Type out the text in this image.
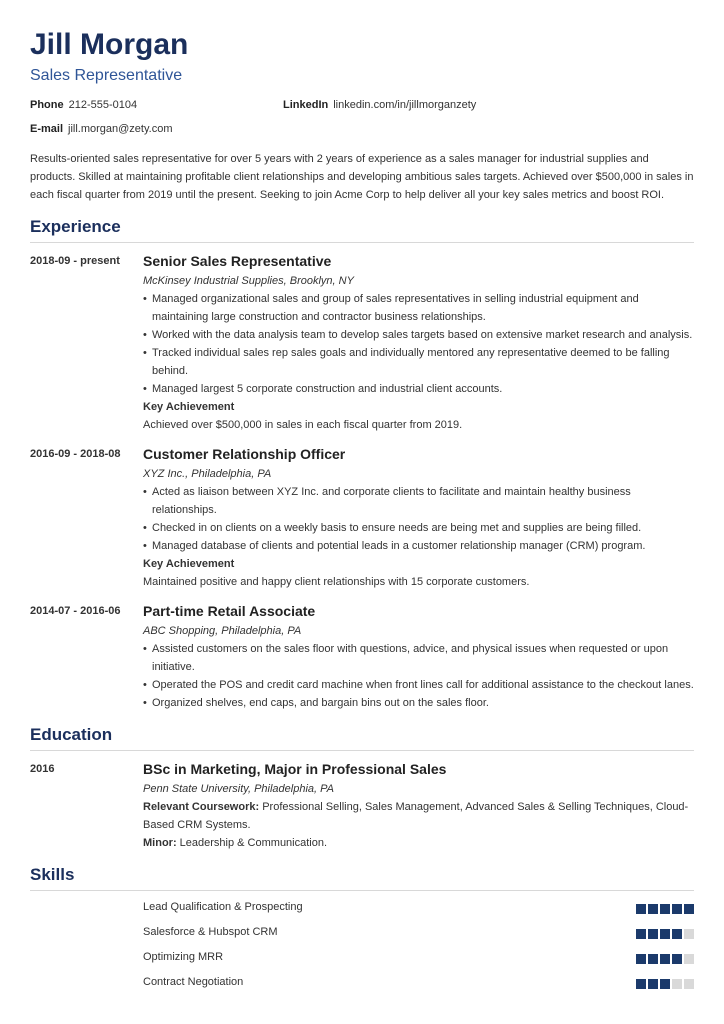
Jill Morgan
Sales Representative
Phone 212-555-0104	LinkedIn linkedin.com/in/jillmorganzety
E-mail jill.morgan@zety.com
Results-oriented sales representative for over 5 years with 2 years of experience as a sales manager for industrial supplies and products. Skilled at maintaining profitable client relationships and developing ambitious sales targets. Achieved over $500,000 in sales in each fiscal quarter from 2019 until the present. Seeking to join Acme Corp to help deliver all your key sales metrics and boost ROI.
Experience
2018-09 - present	Senior Sales Representative
McKinsey Industrial Supplies, Brooklyn, NY
• Managed organizational sales and group of sales representatives in selling industrial equipment and maintaining large construction and contractor business relationships.
• Worked with the data analysis team to develop sales targets based on extensive market research and analysis.
• Tracked individual sales rep sales goals and individually mentored any representative deemed to be falling behind.
• Managed largest 5 corporate construction and industrial client accounts.
Key Achievement
Achieved over $500,000 in sales in each fiscal quarter from 2019.
2016-09 - 2018-08	Customer Relationship Officer
XYZ Inc., Philadelphia, PA
• Acted as liaison between XYZ Inc. and corporate clients to facilitate and maintain healthy business relationships.
• Checked in on clients on a weekly basis to ensure needs are being met and supplies are being filled.
• Managed database of clients and potential leads in a customer relationship manager (CRM) program.
Key Achievement
Maintained positive and happy client relationships with 15 corporate customers.
2014-07 - 2016-06	Part-time Retail Associate
ABC Shopping, Philadelphia, PA
• Assisted customers on the sales floor with questions, advice, and physical issues when requested or upon initiative.
• Operated the POS and credit card machine when front lines call for additional assistance to the checkout lanes.
• Organized shelves, end caps, and bargain bins out on the sales floor.
Education
2016	BSc in Marketing, Major in Professional Sales
Penn State University, Philadelphia, PA
Relevant Coursework: Professional Selling, Sales Management, Advanced Sales & Selling Techniques, Cloud-Based CRM Systems.
Minor: Leadership & Communication.
Skills
Lead Qualification & Prospecting
Salesforce & Hubspot CRM
Optimizing MRR
Contract Negotiation
